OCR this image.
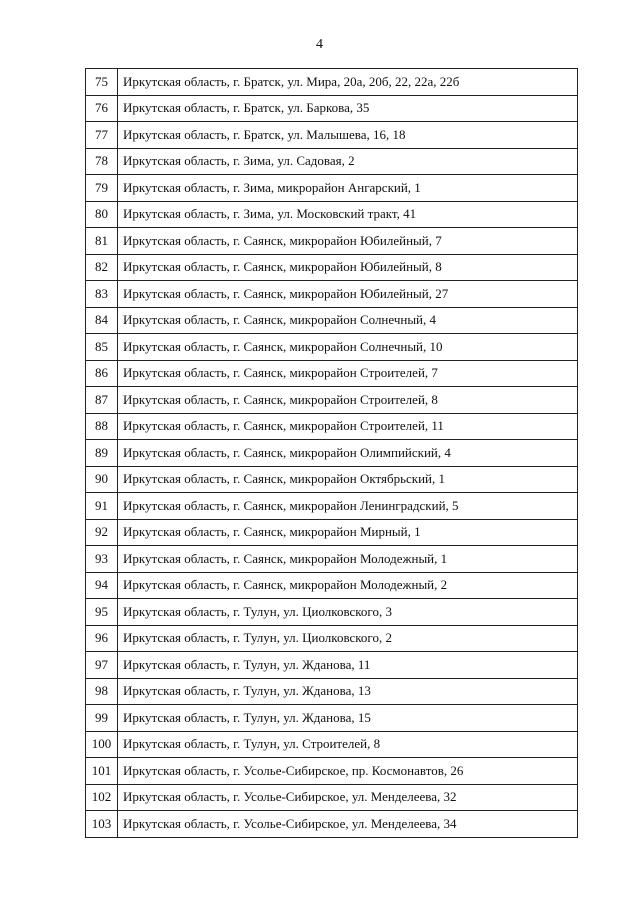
4
75	Иркутская область, г. Братск, ул. Мира, 20а, 20б, 22, 22а, 22б
76	Иркутская область, г. Братск, ул. Баркова, 35
77	Иркутская область, г. Братск, ул. Малышева, 16, 18
78	Иркутская область, г. Зима, ул. Садовая, 2
79	Иркутская область, г. Зима, микрорайон Ангарский, 1
80	Иркутская область, г. Зима, ул. Московский тракт, 41
81	Иркутская область, г. Саянск, микрорайон Юбилейный, 7
82	Иркутская область, г. Саянск, микрорайон Юбилейный, 8
83	Иркутская область, г. Саянск, микрорайон Юбилейный, 27
84	Иркутская область, г. Саянск, микрорайон Солнечный, 4
85	Иркутская область, г. Саянск, микрорайон Солнечный, 10
86	Иркутская область, г. Саянск, микрорайон Строителей, 7
87	Иркутская область, г. Саянск, микрорайон Строителей, 8
88	Иркутская область, г. Саянск, микрорайон Строителей, 11
89	Иркутская область, г. Саянск, микрорайон Олимпийский, 4
90	Иркутская область, г. Саянск, микрорайон Октябрьский, 1
91	Иркутская область, г. Саянск, микрорайон Ленинградский, 5
92	Иркутская область, г. Саянск, микрорайон Мирный, 1
93	Иркутская область, г. Саянск, микрорайон Молодежный, 1
94	Иркутская область, г. Саянск, микрорайон Молодежный, 2
95	Иркутская область, г. Тулун, ул. Циолковского, 3
96	Иркутская область, г. Тулун, ул. Циолковского, 2
97	Иркутская область, г. Тулун, ул. Жданова, 11
98	Иркутская область, г. Тулун, ул. Жданова, 13
99	Иркутская область, г. Тулун, ул. Жданова, 15
100	Иркутская область, г. Тулун, ул. Строителей, 8
101	Иркутская область, г. Усолье-Сибирское, пр. Космонавтов, 26
102	Иркутская область, г. Усолье-Сибирское, ул. Менделеева, 32
103	Иркутская область, г. Усолье-Сибирское, ул. Менделеева, 34
